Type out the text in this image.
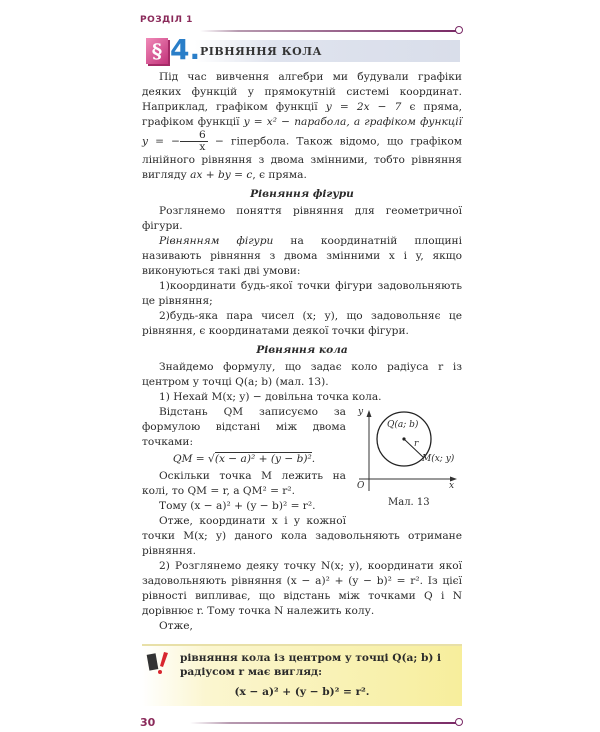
РОЗДІЛ 1
§ 4. РІВНЯННЯ КОЛА

Під час вивчення алгебри ми будували графіки деяких функцій у прямокутній системі координат. Наприклад, графіком функції y = 2x − 7 є пряма, графіком функції y = x² − парабола, а графіком функції y = − $\frac{6}{x}$ − гіпербола. Також відомо, що графіком лінійного рівняння з двома змінними, тобто рівняння вигляду ax + by = c, є пряма.

Рівняння фігури

Розглянемо поняття рівняння для геометричної фігури.

Рівнянням фігури на координатній площині називають рівняння з двома змінними x і y, якщо виконуються такі дві умови:

1)координати будь-якої точки фігури задовольняють це рівняння;

2)будь-яка пара чисел (x; y), що задовольняє це рівняння, є координатами деякої точки фігури.

Рівняння кола

Знайдемо формулу, що задає коло радіуса r із центром у точці Q(a; b) (мал. 13).

1) Нехай M(x; y) − довільна точка кола.

y
Q(a; b)
r
M(x; y)
O	x
Мал. 13

Відстань QM записуємо за формулою відстані між двома точками:

QM = √(x − a)² + (y − b)².

Оскільки точка M лежить на колі, то QM = r, а QM² = r².

Тому (x − a)² + (y − b)² = r².

Отже, координати x і y кожної точки M(x; y) даного кола задовольняють отримане рівняння.

2) Розглянемо деяку точку N(x; y), координати якої задовольняють рівняння (x − a)² + (y − b)² = r². Із цієї рівності випливає, що відстань між точками Q і N дорівнює r. Тому точка N належить колу.

Отже,

рівняння кола із центром у точці Q(a; b) і радіусом r має вигляд:
(x − a)² + (y − b)² = r².
30
